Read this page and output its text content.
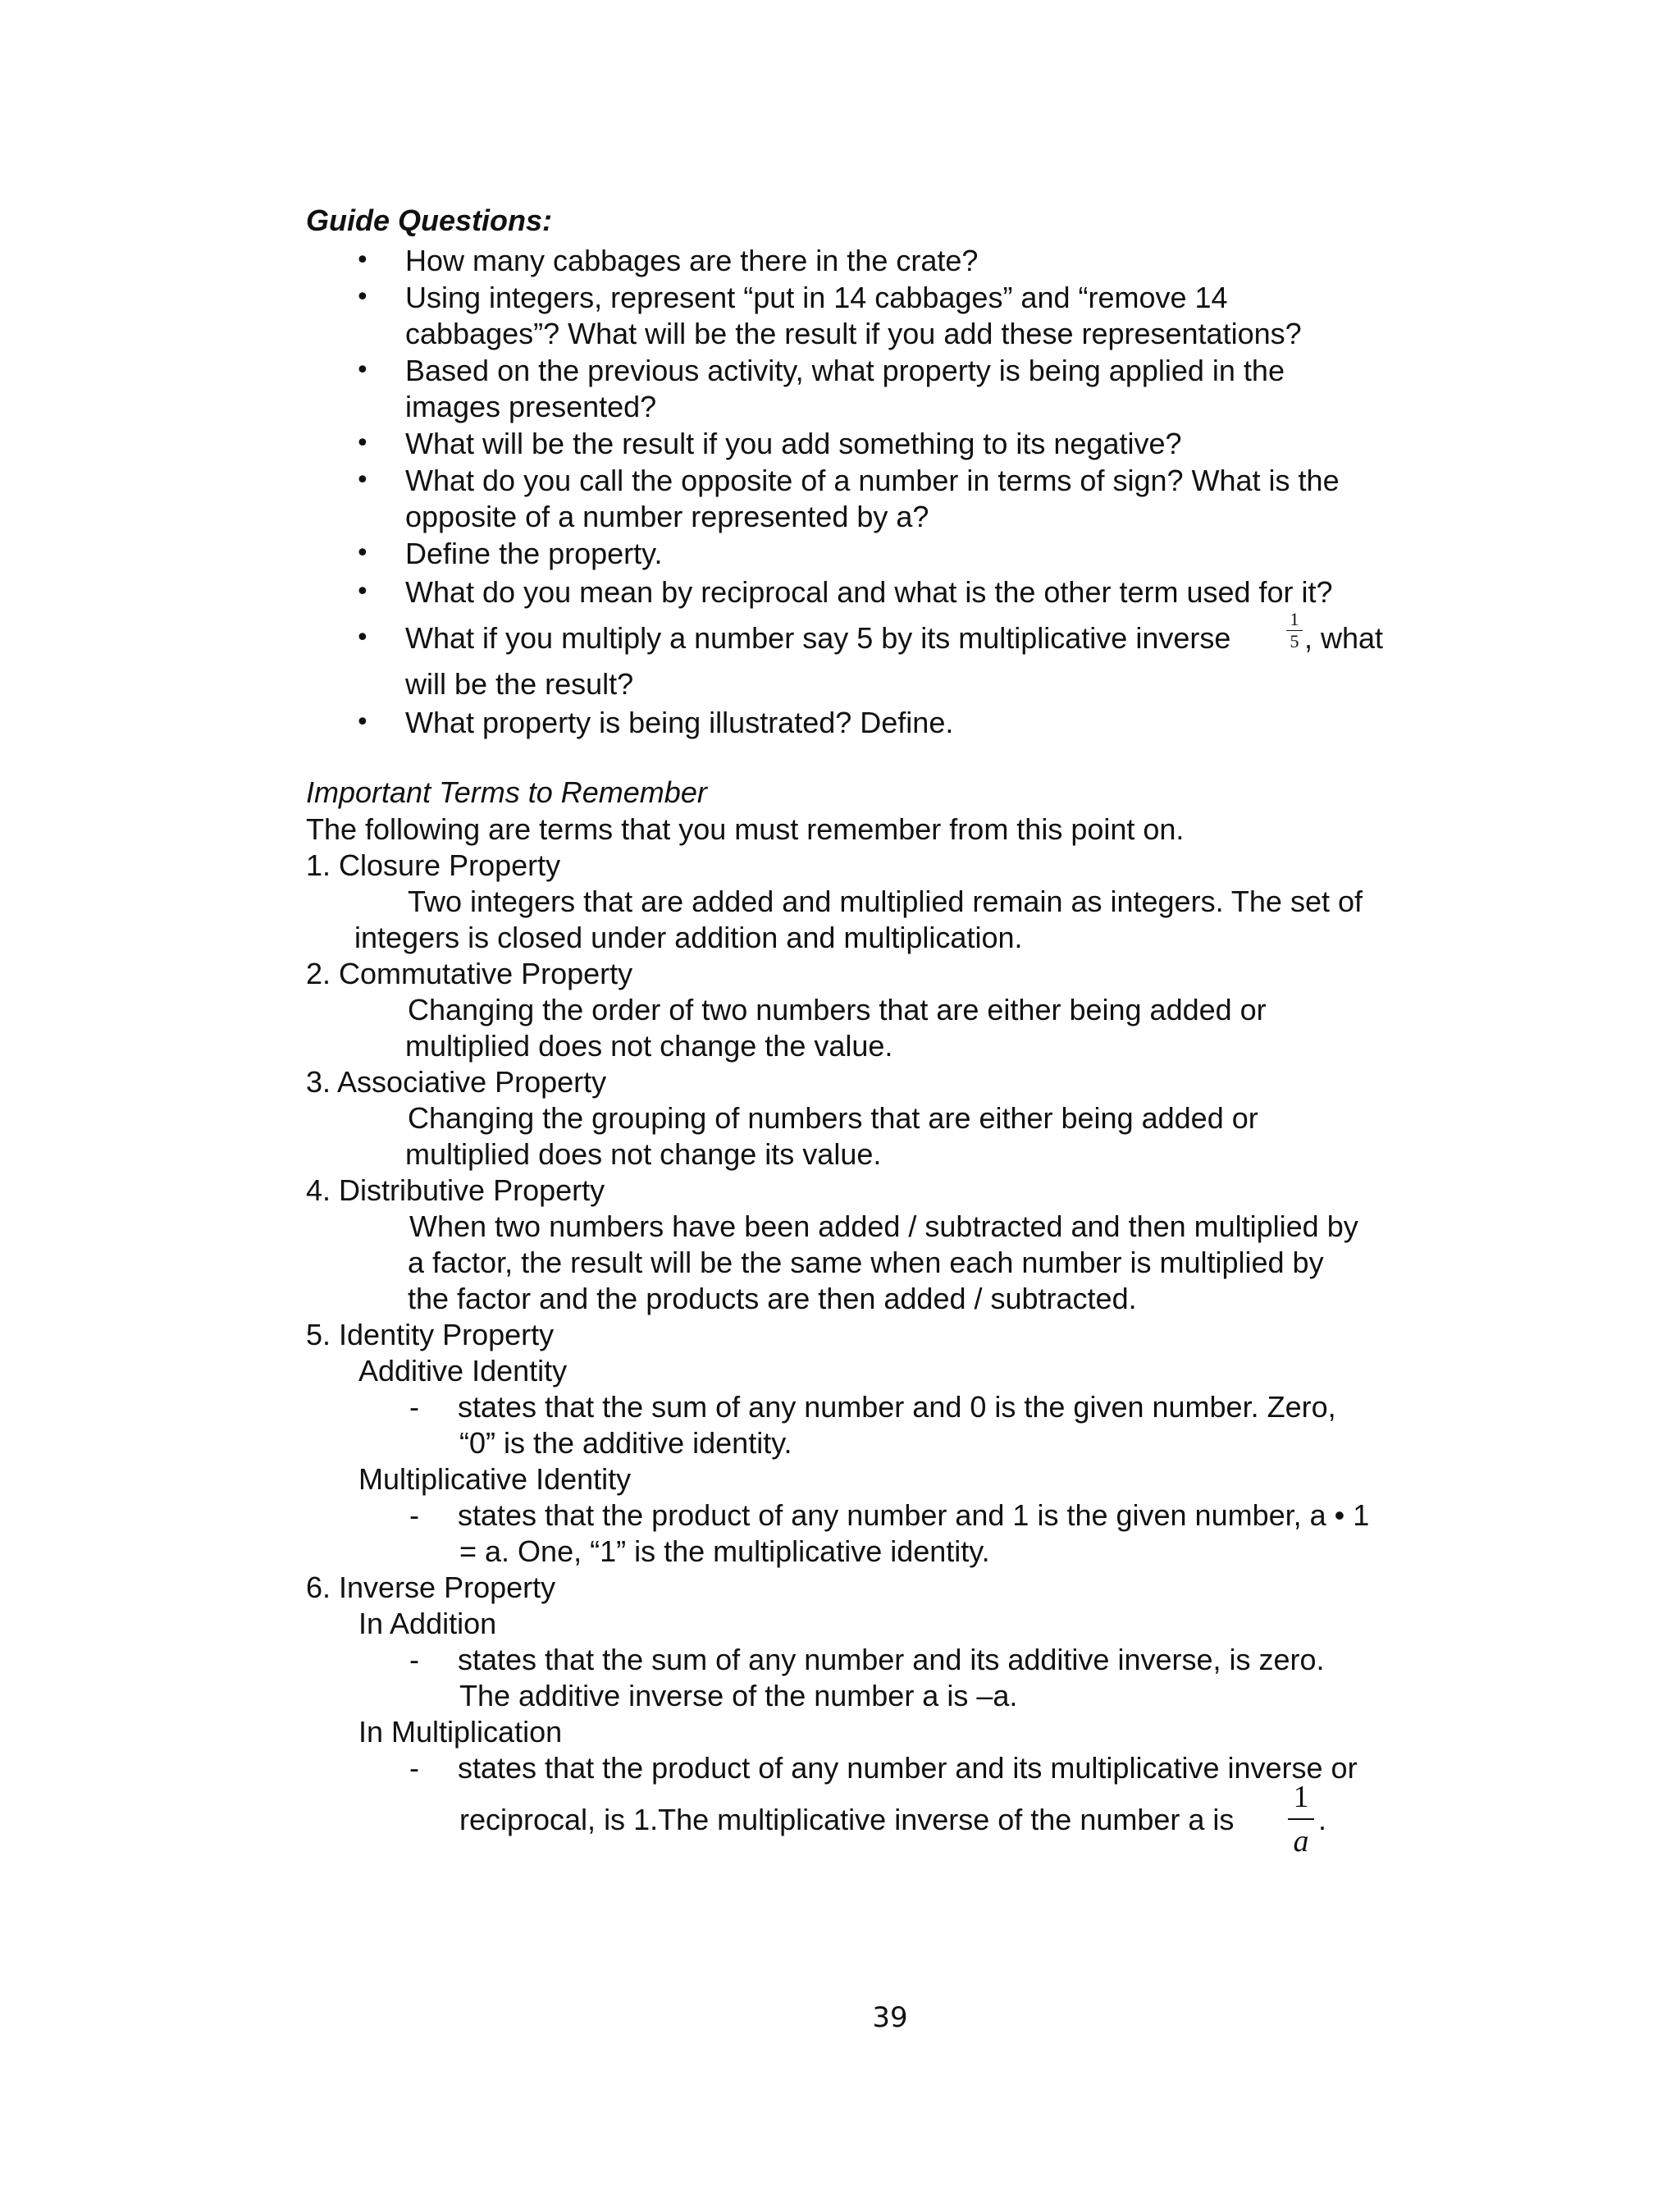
Guide Questions:
• How many cabbages are there in the crate?
• Using integers, represent “put in 14 cabbages” and “remove 14
cabbages”? What will be the result if you add these representations?
• Based on the previous activity, what property is being applied in the
images presented?
• What will be the result if you add something to its negative?
• What do you call the opposite of a number in terms of sign? What is the
opposite of a number represented by a?
• Define the property.
• What do you mean by reciprocal and what is the other term used for it?
• What if you multiply a number say 5 by its multiplicative inverse
1
5 , what
will be the result?
• What property is being illustrated? Define.
Important Terms to Remember
The following are terms that you must remember from this point on.
1. Closure Property
Two integers that are added and multiplied remain as integers. The set of
integers is closed under addition and multiplication.
2. Commutative Property
Changing the order of two numbers that are either being added or
multiplied does not change the value.
3. Associative Property
Changing the grouping of numbers that are either being added or
multiplied does not change its value.
4. Distributive Property
When two numbers have been added / subtracted and then multiplied by
a factor, the result will be the same when each number is multiplied by
the factor and the products are then added / subtracted.
5. Identity Property
Additive Identity
- states that the sum of any number and 0 is the given number. Zero,
“0” is the additive identity.
Multiplicative Identity
- states that the product of any number and 1 is the given number, a • 1
= a. One, “1” is the multiplicative identity.
6. Inverse Property
In Addition
- states that the sum of any number and its additive inverse, is zero.
The additive inverse of the number a is –a.
In Multiplication
- states that the product of any number and its multiplicative inverse or
reciprocal, is 1.The multiplicative inverse of the number a is
1
a
.
39
